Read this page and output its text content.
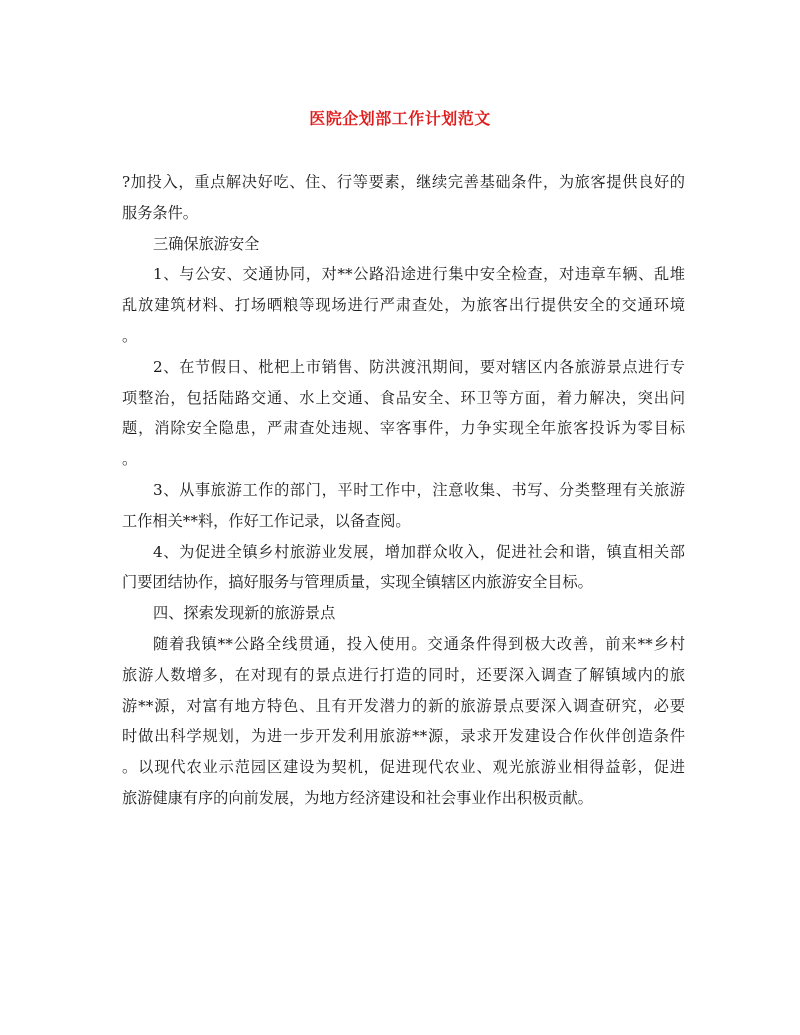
医院企划部工作计划范文
?加投入，重点解决好吃、住、行等要素，继续完善基础条件，为旅客提供良好的
服务条件。
三确保旅游安全
1、与公安、交通协同，对**公路沿途进行集中安全检查，对违章车辆、乱堆
乱放建筑材料、打场晒粮等现场进行严肃查处，为旅客出行提供安全的交通环境
。
2、在节假日、枇杷上市销售、防洪渡汛期间，要对辖区内各旅游景点进行专
项整治，包括陆路交通、水上交通、食品安全、环卫等方面，着力解决，突出问
题，消除安全隐患，严肃查处违规、宰客事件，力争实现全年旅客投诉为零目标
。
3、从事旅游工作的部门，平时工作中，注意收集、书写、分类整理有关旅游
工作相关**料，作好工作记录，以备查阅。
4、为促进全镇乡村旅游业发展，增加群众收入，促进社会和谐，镇直相关部
门要团结协作，搞好服务与管理质量，实现全镇辖区内旅游安全目标。
四、探索发现新的旅游景点
随着我镇**公路全线贯通，投入使用。交通条件得到极大改善，前来**乡村
旅游人数增多，在对现有的景点进行打造的同时，还要深入调查了解镇域内的旅
游**源，对富有地方特色、且有开发潜力的新的旅游景点要深入调查研究，必要
时做出科学规划，为进一步开发利用旅游**源，录求开发建设合作伙伴创造条件
。以现代农业示范园区建设为契机，促进现代农业、观光旅游业相得益彰，促进
旅游健康有序的向前发展，为地方经济建设和社会事业作出积极贡献。
